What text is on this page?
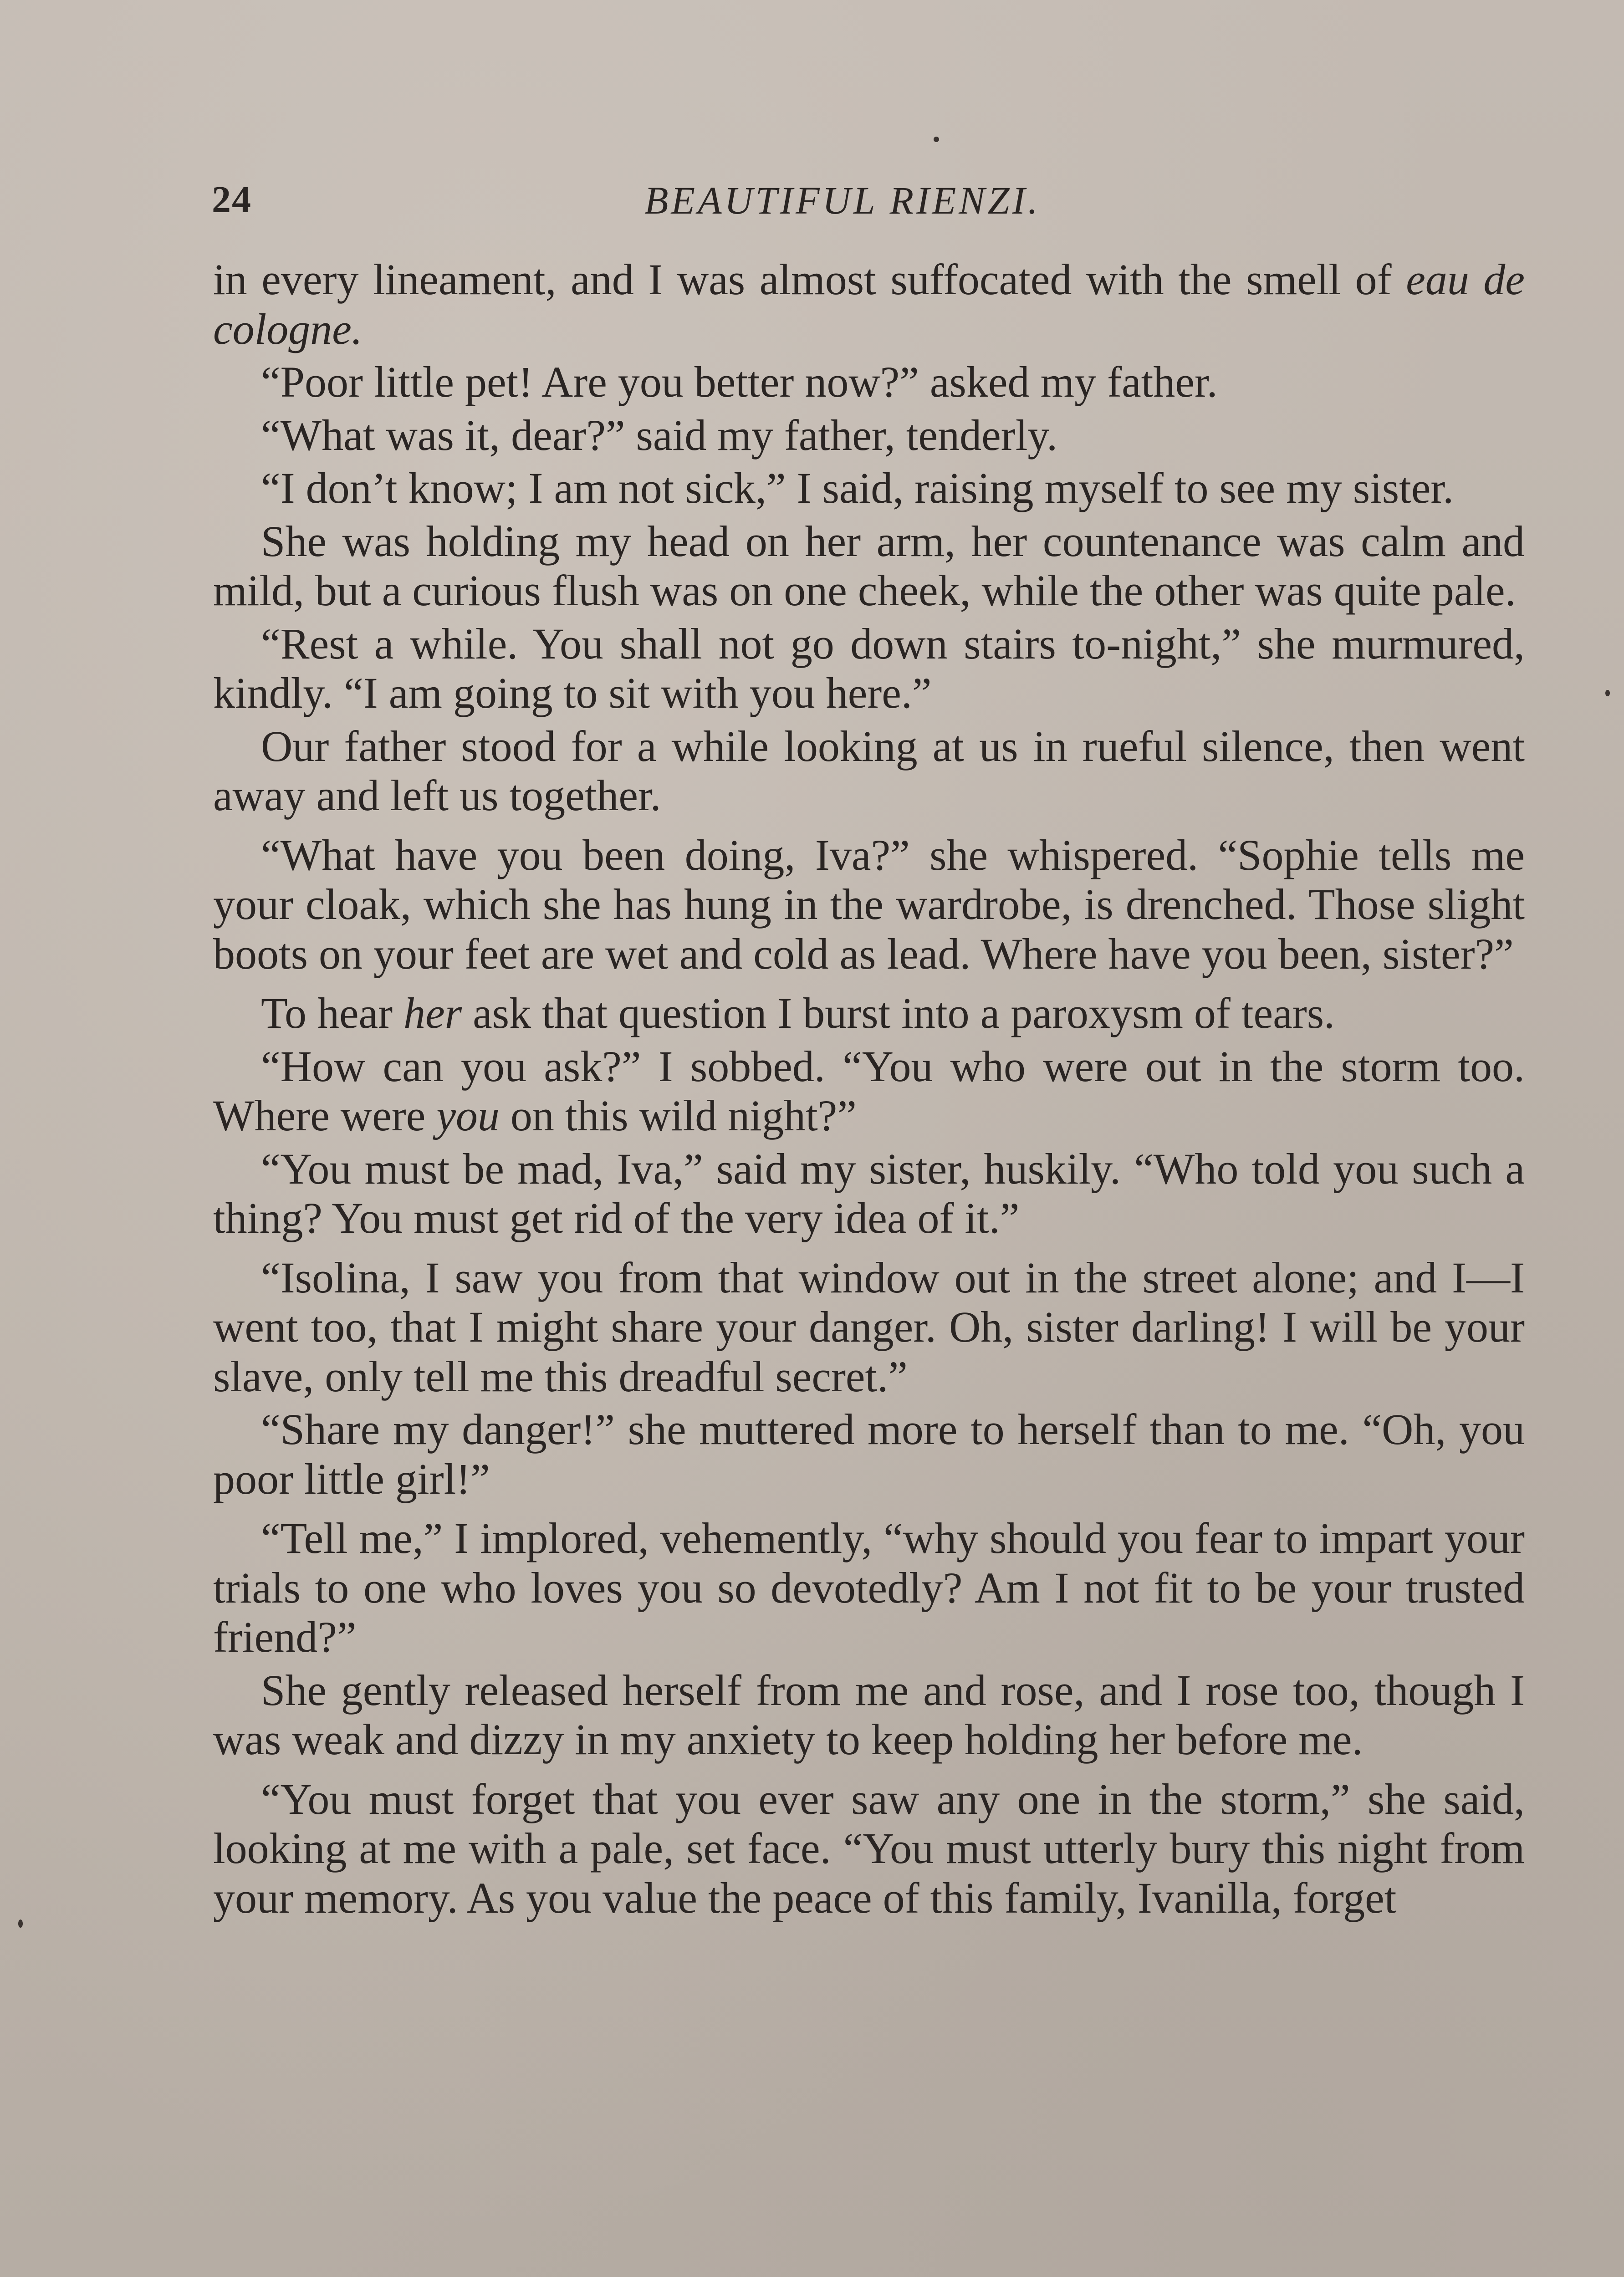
24	BEAUTIFUL RIENZI.

in every lineament, and I was almost suffocated with the smell of eau de cologne.

“Poor little pet! Are you better now?” asked my father.

“What was it, dear?” said my father, tenderly.

“I don’t know; I am not sick,” I said, raising myself to see my sister.

She was holding my head on her arm, her countenance was calm and mild, but a curious flush was on one cheek, while the other was quite pale.

“Rest a while. You shall not go down stairs to-night,” she murmured, kindly. “I am going to sit with you here.”

Our father stood for a while looking at us in rueful silence, then went away and left us together.

“What have you been doing, Iva?” she whispered. “Sophie tells me your cloak, which she has hung in the wardrobe, is drenched. Those slight boots on your feet are wet and cold as lead. Where have you been, sister?”

To hear her ask that question I burst into a paroxysm of tears.

“How can you ask?” I sobbed. “You who were out in the storm too. Where were you on this wild night?”

“You must be mad, Iva,” said my sister, huskily. “Who told you such a thing? You must get rid of the very idea of it.”

“Isolina, I saw you from that window out in the street alone; and I—I went too, that I might share your danger. Oh, sister darling! I will be your slave, only tell me this dreadful secret.”

“Share my danger!” she muttered more to herself than to me. “Oh, you poor little girl!”

“Tell me,” I implored, vehemently, “why should you fear to impart your trials to one who loves you so devotedly? Am I not fit to be your trusted friend?”

She gently released herself from me and rose, and I rose too, though I was weak and dizzy in my anxiety to keep holding her before me.

“You must forget that you ever saw any one in the storm,” she said, looking at me with a pale, set face. “You must utterly bury this night from your memory. As you value the peace of this family, Ivanilla, forget
